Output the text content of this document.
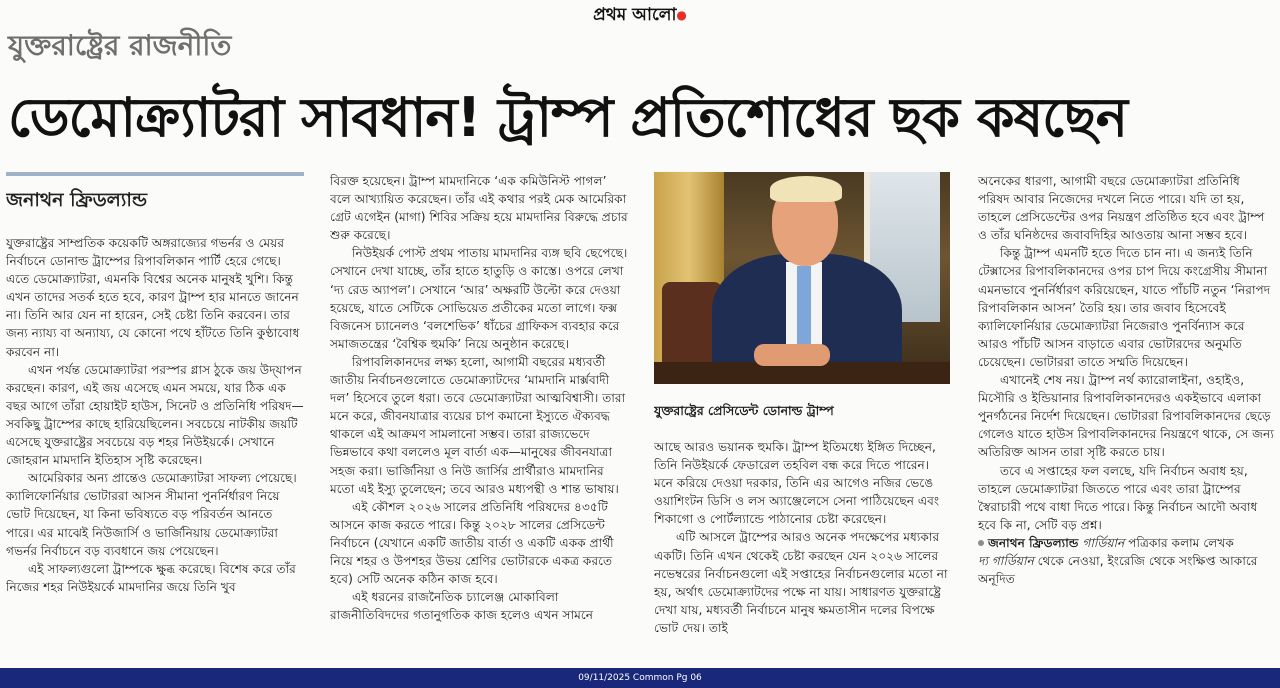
প্রথম আলো●
যুক্তরাষ্ট্রের রাজনীতি
ডেমোক্র্যাটরা সাবধান! ট্রাম্প প্রতিশোধের ছক কষছেন
জনাথন ফ্রিডল্যান্ড

যুক্তরাষ্ট্রের সাম্প্রতিক কয়েকটি অঙ্গরাজ্যের গভর্নর ও মেয়র নির্বাচনে ডোনাল্ড ট্রাম্পের রিপাবলিকান পার্টি হেরে গেছে। এতে ডেমোক্র্যাটরা, এমনকি বিশ্বের অনেক মানুষই খুশি। কিন্তু এখন তাদের সতর্ক হতে হবে, কারণ ট্রাম্প হার মানতে জানেন না। তিনি আর যেন না হারেন, সেই চেষ্টা তিনি করবেন। তার জন্য ন্যায্য বা অন্যায্য, যে কোনো পথে হাঁটতে তিনি কুণ্ঠাবোধ করবেন না।

এখন পর্যন্ত ডেমোক্র্যাটরা পরস্পর গ্লাস ঠুকে জয় উদ্‌যাপন করছেন। কারণ, এই জয় এসেছে এমন সময়ে, যার ঠিক এক বছর আগে তাঁরা হোয়াইট হাউস, সিনেট ও প্রতিনিধি পরিষদ—সবকিছু ট্রাম্পের কাছে হারিয়েছিলেন। সবচেয়ে নাটকীয় জয়টি এসেছে যুক্তরাষ্ট্রের সবচেয়ে বড় শহর নিউইয়র্কে। সেখানে জোহরান মামদানি ইতিহাস সৃষ্টি করেছেন।

আমেরিকার অন্য প্রান্তেও ডেমোক্র্যাটরা সাফল্য পেয়েছে। ক্যালিফোর্নিয়ার ভোটাররা আসন সীমানা পুনর্নির্ধারণ নিয়ে ভোট দিয়েছেন, যা কিনা ভবিষ্যতে বড় পরিবর্তন আনতে পারে। এর মাঝেই নিউজার্সি ও ভার্জিনিয়ায় ডেমোক্র্যাটরা গভর্নর নির্বাচনে বড় ব্যবধানে জয় পেয়েছেন।

এই সাফল্যগুলো ট্রাম্পকে ক্ষুব্ধ করেছে। বিশেষ করে তাঁর নিজের শহর নিউইয়র্কে মামদানির জয়ে তিনি খুব

বিরক্ত হয়েছেন। ট্রাম্প মামদানিকে ‘এক কমিউনিস্ট পাগল’ বলে আখ্যায়িত করেছেন। তাঁর এই কথার পরই মেক আমেরিকা গ্রেট এগেইন (মাগা) শিবির সক্রিয় হয়ে মামদানির বিরুদ্ধে প্রচার শুরু করেছে।

নিউইয়র্ক পোস্ট প্রথম পাতায় মামদানির ব্যঙ্গ ছবি ছেপেছে। সেখানে দেখা যাচ্ছে, তাঁর হাতে হাতুড়ি ও কাস্তে। ওপরে লেখা ‘দ্য রেড অ্যাপল’। সেখানে ‘আর’ অক্ষরটি উল্টো করে দেওয়া হয়েছে, যাতে সেটিকে সোভিয়েত প্রতীকের মতো লাগে। ফক্স বিজনেস চ্যানেলও ‘বলশেভিক’ ধাঁচের গ্রাফিকস ব্যবহার করে সমাজতন্ত্রের ‘বৈশ্বিক হুমকি’ নিয়ে অনুষ্ঠান করেছে।

রিপাবলিকানদের লক্ষ্য হলো, আগামী বছরের মধ্যবর্তী জাতীয় নির্বাচনগুলোতে ডেমোক্র্যাটদের ‘মামদানি মার্ক্সবাদী দল’ হিসেবে তুলে ধরা। তবে ডেমোক্র্যাটরা আত্মবিশ্বাসী। তারা মনে করে, জীবনযাত্রার ব্যয়ের চাপ কমানো ইস্যুতে ঐক্যবদ্ধ থাকলে এই আক্রমণ সামলানো সম্ভব। তারা রাজ্যভেদে ভিন্নভাবে কথা বললেও মূল বার্তা এক—মানুষের জীবনযাত্রা সহজ করা। ভার্জিনিয়া ও নিউ জার্সির প্রার্থীরাও মামদানির মতো এই ইস্যু তুলেছেন; তবে আরও মধ্যপন্থী ও শান্ত ভাষায়।

এই কৌশল ২০২৬ সালের প্রতিনিধি পরিষদের ৪৩৫টি আসনে কাজ করতে পারে। কিন্তু ২০২৮ সালের প্রেসিডেন্ট নির্বাচনে (যেখানে একটি জাতীয় বার্তা ও একটি একক প্রার্থী নিয়ে শহর ও উপশহর উভয় শ্রেণির ভোটারকে একত্র করতে হবে) সেটি অনেক কঠিন কাজ হবে।

এই ধরনের রাজনৈতিক চ্যালেঞ্জ মোকাবিলা রাজনীতিবিদদের গতানুগতিক কাজ হলেও এখন সামনে

যুক্তরাষ্ট্রের প্রেসিডেন্ট ডোনাল্ড ট্রাম্প

আছে আরও ভয়ানক হুমকি। ট্রাম্প ইতিমধ্যে ইঙ্গিত দিচ্ছেন, তিনি নিউইয়র্কে ফেডারেল তহবিল বন্ধ করে দিতে পারেন। মনে করিয়ে দেওয়া দরকার, তিনি এর আগেও নজির ভেঙে ওয়াশিংটন ডিসি ও লস অ্যাঞ্জেলেসে সেনা পাঠিয়েছেন এবং শিকাগো ও পোর্টল্যান্ডে পাঠানোর চেষ্টা করেছেন।

এটি আসলে ট্রাম্পের আরও অনেক পদক্ষেপের মধ্যকার একটি। তিনি এখন থেকেই চেষ্টা করছেন যেন ২০২৬ সালের নভেম্বরের নির্বাচনগুলো এই সপ্তাহের নির্বাচনগুলোর মতো না হয়, অর্থাৎ ডেমোক্র্যাটদের পক্ষে না যায়। সাধারণত যুক্তরাষ্ট্রে দেখা যায়, মধ্যবর্তী নির্বাচনে মানুষ ক্ষমতাসীন দলের বিপক্ষে ভোট দেয়। তাই

অনেকের ধারণা, আগামী বছরে ডেমোক্র্যাটরা প্রতিনিধি পরিষদ আবার নিজেদের দখলে নিতে পারে। যদি তা হয়, তাহলে প্রেসিডেন্টের ওপর নিয়ন্ত্রণ প্রতিষ্ঠিত হবে এবং ট্রাম্প ও তাঁর ঘনিষ্ঠদের জবাবদিহির আওতায় আনা সম্ভব হবে।

কিন্তু ট্রাম্প এমনটি হতে দিতে চান না। এ জন্যই তিনি টেক্সাসের রিপাবলিকানদের ওপর চাপ দিয়ে কংগ্রেসীয় সীমানা এমনভাবে পুনর্নির্ধারণ করিয়েছেন, যাতে পাঁচটি নতুন ‘নিরাপদ রিপাবলিকান আসন’ তৈরি হয়। তার জবাব হিসেবেই ক্যালিফোর্নিয়ার ডেমোক্র্যাটরা নিজেরাও পুনর্বিন্যাস করে আরও পাঁচটি আসন বাড়াতে এবার ভোটারদের অনুমতি চেয়েছেন। ভোটাররা তাতে সম্মতি দিয়েছেন।

এখানেই শেষ নয়। ট্রাম্প নর্থ ক্যারোলাইনা, ওহাইও, মিসৌরি ও ইন্ডিয়ানার রিপাবলিকানদেরও একইভাবে এলাকা পুনর্গঠনের নির্দেশ দিয়েছেন। ভোটাররা রিপাবলিকানদের ছেড়ে গেলেও যাতে হাউস রিপাবলিকানদের নিয়ন্ত্রণে থাকে, সে জন্য অতিরিক্ত আসন তারা সৃষ্টি করতে চায়।

তবে এ সপ্তাহের ফল বলছে, যদি নির্বাচন অবাধ হয়, তাহলে ডেমোক্র্যাটরা জিততে পারে এবং তারা ট্রাম্পের স্বৈরাচারী পথে বাধা দিতে পারে। কিন্তু নির্বাচন আদৌ অবাধ হবে কি না, সেটি বড় প্রশ্ন।

জনাথন ফ্রিডল্যান্ড গার্ডিয়ান পত্রিকার কলাম লেখক

দ্য গার্ডিয়ান থেকে নেওয়া, ইংরেজি থেকে সংক্ষিপ্ত আকারে অনূদিত

09/11/2025 Common Pg 06
